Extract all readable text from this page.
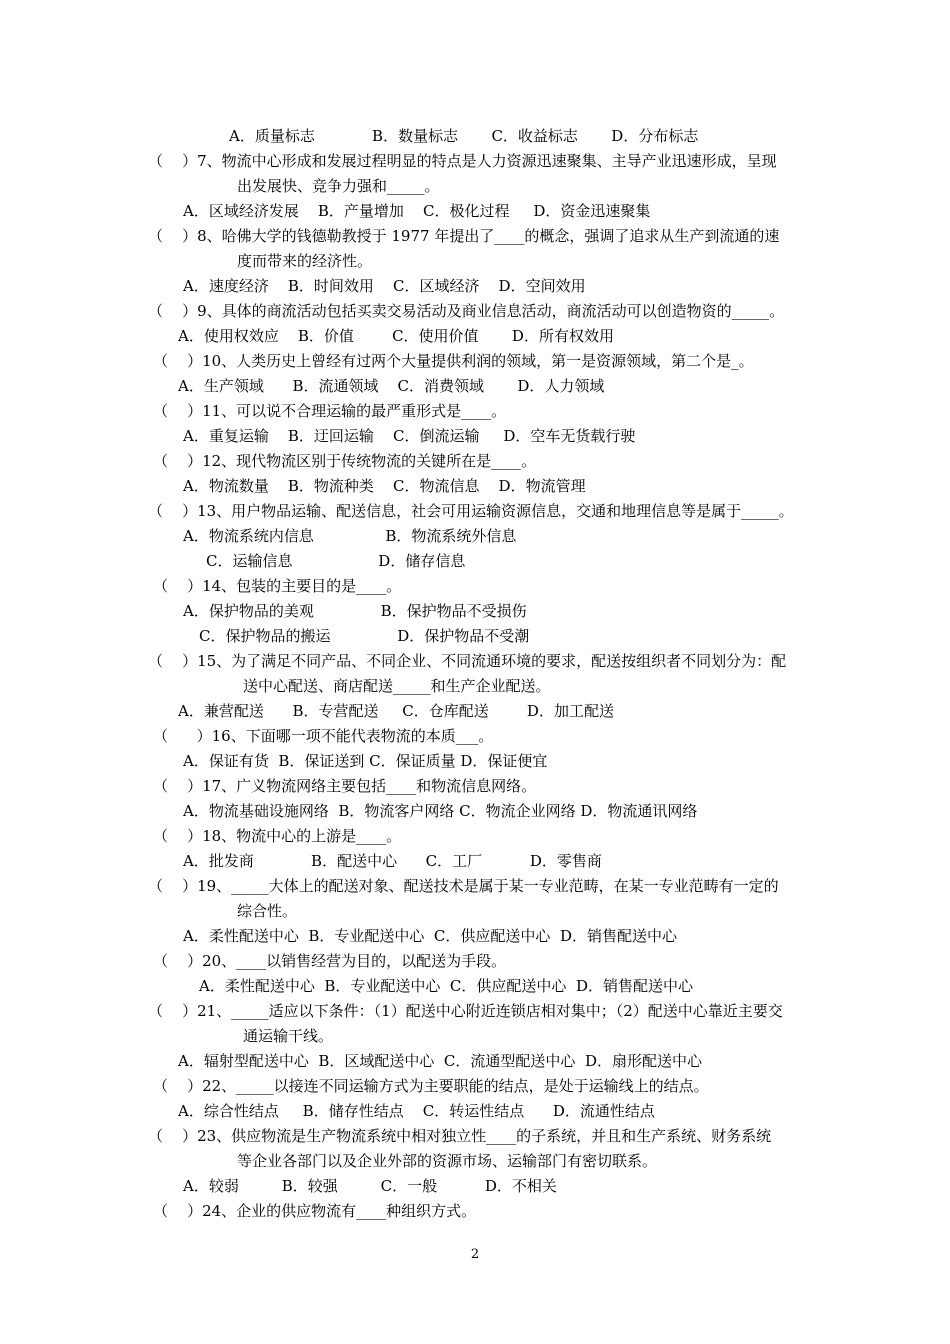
A．质量标志            B．数量标志       C．收益标志       D．分布标志
（    ）7、物流中心形成和发展过程明显的特点是人力资源迅速聚集、主导产业迅速形成，呈现
出发展快、竞争力强和_____。
A．区域经济发展    B．产量增加    C．极化过程     D．资金迅速聚集
（    ）8、哈佛大学的钱德勒教授于 1977 年提出了____的概念，强调了追求从生产到流通的速
度而带来的经济性。
A．速度经济    B．时间效用    C．区域经济    D．空间效用
（    ）9、具体的商流活动包括买卖交易活动及商业信息活动，商流活动可以创造物资的_____。
A．使用权效应    B．价值        C．使用价值       D．所有权效用
（    ）10、人类历史上曾经有过两个大量提供利润的领域，第一是资源领域，第二个是_。
A．生产领域      B．流通领域    C．消费领域       D．人力领域
（    ）11、可以说不合理运输的最严重形式是____。
A．重复运输    B．迂回运输    C．倒流运输     D．空车无货载行驶
（    ）12、现代物流区别于传统物流的关键所在是____。
A．物流数量    B．物流种类    C．物流信息    D．物流管理
（    ）13、用户物品运输、配送信息，社会可用运输资源信息，交通和地理信息等是属于_____。
A．物流系统内信息               B．物流系统外信息
C．运输信息                  D．储存信息
（    ）14、包装的主要目的是____。
A．保护物品的美观              B．保护物品不受损伤
C．保护物品的搬运              D．保护物品不受潮
（    ）15、为了满足不同产品、不同企业、不同流通环境的要求，配送按组织者不同划分为：配
送中心配送、商店配送_____和生产企业配送。
A．兼营配送      B．专营配送     C．仓库配送        D．加工配送
（      ）16、下面哪一项不能代表物流的本质___。
A．保证有货  B．保证送到 C．保证质量 D．保证便宜
（    ）17、广义物流网络主要包括____和物流信息网络。
A．物流基础设施网络  B．物流客户网络 C．物流企业网络 D．物流通讯网络
（    ）18、物流中心的上游是____。
A．批发商            B．配送中心      C．工厂          D．零售商
（    ）19、_____大体上的配送对象、配送技术是属于某一专业范畴，在某一专业范畴有一定的
综合性。
A．柔性配送中心  B．专业配送中心  C．供应配送中心  D．销售配送中心
（    ）20、____以销售经营为目的，以配送为手段。
A．柔性配送中心  B．专业配送中心  C．供应配送中心  D．销售配送中心
（    ）21、_____适应以下条件：（1）配送中心附近连锁店相对集中；（2）配送中心靠近主要交
通运输干线。
A．辐射型配送中心  B．区域配送中心  C．流通型配送中心  D．扇形配送中心
（    ）22、_____以接连不同运输方式为主要职能的结点，是处于运输线上的结点。
A．综合性结点     B．储存性结点    C．转运性结点      D．流通性结点
（    ）23、供应物流是生产物流系统中相对独立性____的子系统，并且和生产系统、财务系统
等企业各部门以及企业外部的资源市场、运输部门有密切联系。
A．较弱         B．较强         C．一般          D．不相关
（    ）24、企业的供应物流有____种组织方式。
2
